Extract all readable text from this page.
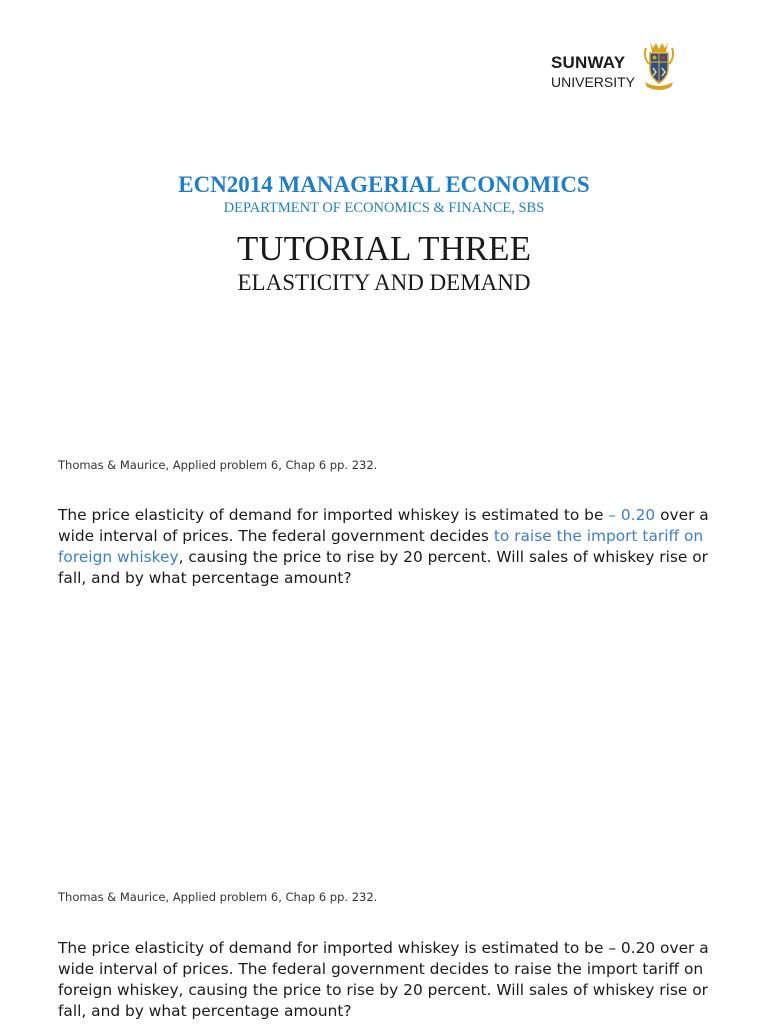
SUNWAY
UNIVERSITY
ECN2014 MANAGERIAL ECONOMICS
DEPARTMENT OF ECONOMICS & FINANCE, SBS
TUTORIAL THREE
ELASTICITY AND DEMAND
Thomas & Maurice, Applied problem 6, Chap 6 pp. 232.
The price elasticity of demand for imported whiskey is estimated to be – 0.20 over a wide interval of prices. The federal government decides to raise the import tariff on foreign whiskey, causing the price to rise by 20 percent. Will sales of whiskey rise or fall, and by what percentage amount?
Thomas & Maurice, Applied problem 6, Chap 6 pp. 232.
The price elasticity of demand for imported whiskey is estimated to be – 0.20 over a wide interval of prices. The federal government decides to raise the import tariff on foreign whiskey, causing the price to rise by 20 percent. Will sales of whiskey rise or fall, and by what percentage amount?
